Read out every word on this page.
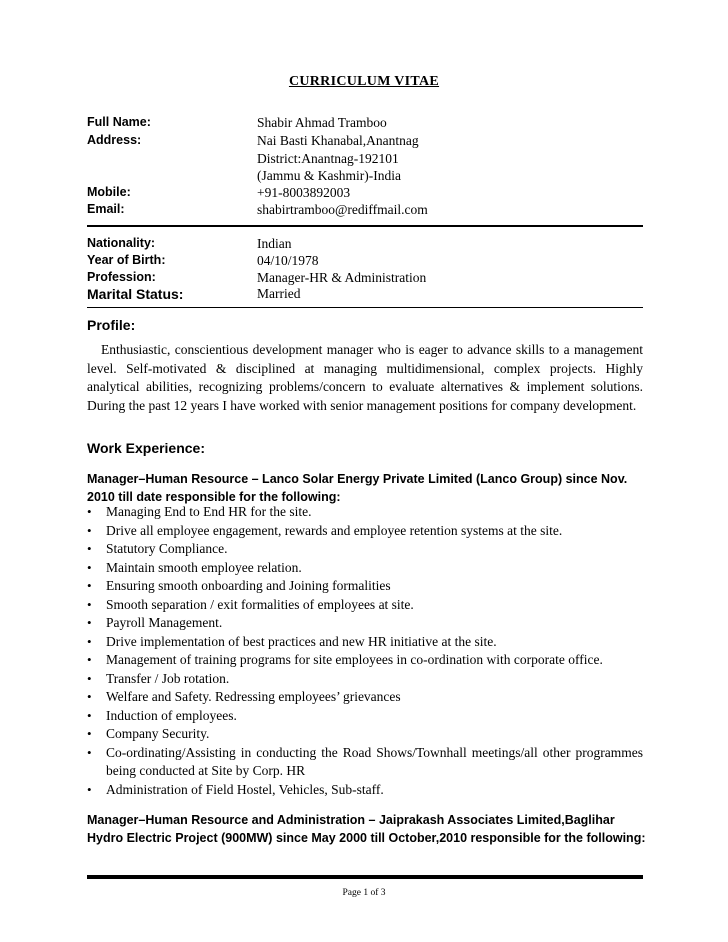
CURRICULUM VITAE
Full Name:	Shabir Ahmad Tramboo
Address:	Nai Basti Khanabal,Anantnag
District:Anantnag-192101
(Jammu & Kashmir)-India
Mobile:	+91-8003892003
Email:	shabirtramboo@rediffmail.com
Nationality:	Indian
Year of Birth:	04/10/1978
Profession:	Manager-HR & Administration
Marital Status:	Married
Profile:

Enthusiastic, conscientious development manager who is eager to advance skills to a management level. Self-motivated & disciplined at managing multidimensional, complex projects. Highly analytical abilities, recognizing problems/concern to evaluate alternatives & implement solutions. During the past 12 years I have worked with senior management positions for company development.

Work Experience:

Manager–Human Resource – Lanco Solar Energy Private Limited (Lanco Group) since Nov. 2010 till date responsible for the following:

• Managing End to End HR for the site.
• Drive all employee engagement, rewards and employee retention systems at the site.
• Statutory Compliance.
• Maintain smooth employee relation.
• Ensuring smooth onboarding and Joining formalities
• Smooth separation / exit formalities of employees at site.
• Payroll Management.
• Drive implementation of best practices and new HR initiative at the site.
• Management of training programs for site employees in co-ordination with corporate office.
• Transfer / Job rotation.
• Welfare and Safety. Redressing employees’ grievances
• Induction of employees.
• Company Security.
• Co-ordinating/Assisting in conducting the Road Shows/Townhall meetings/all other programmes being conducted at Site by Corp. HR
• Administration of Field Hostel, Vehicles, Sub-staff.

Manager–Human Resource and Administration – Jaiprakash Associates Limited,Baglihar Hydro Electric Project (900MW) since May 2000 till October,2010 responsible for the following:

Page 1 of 3
